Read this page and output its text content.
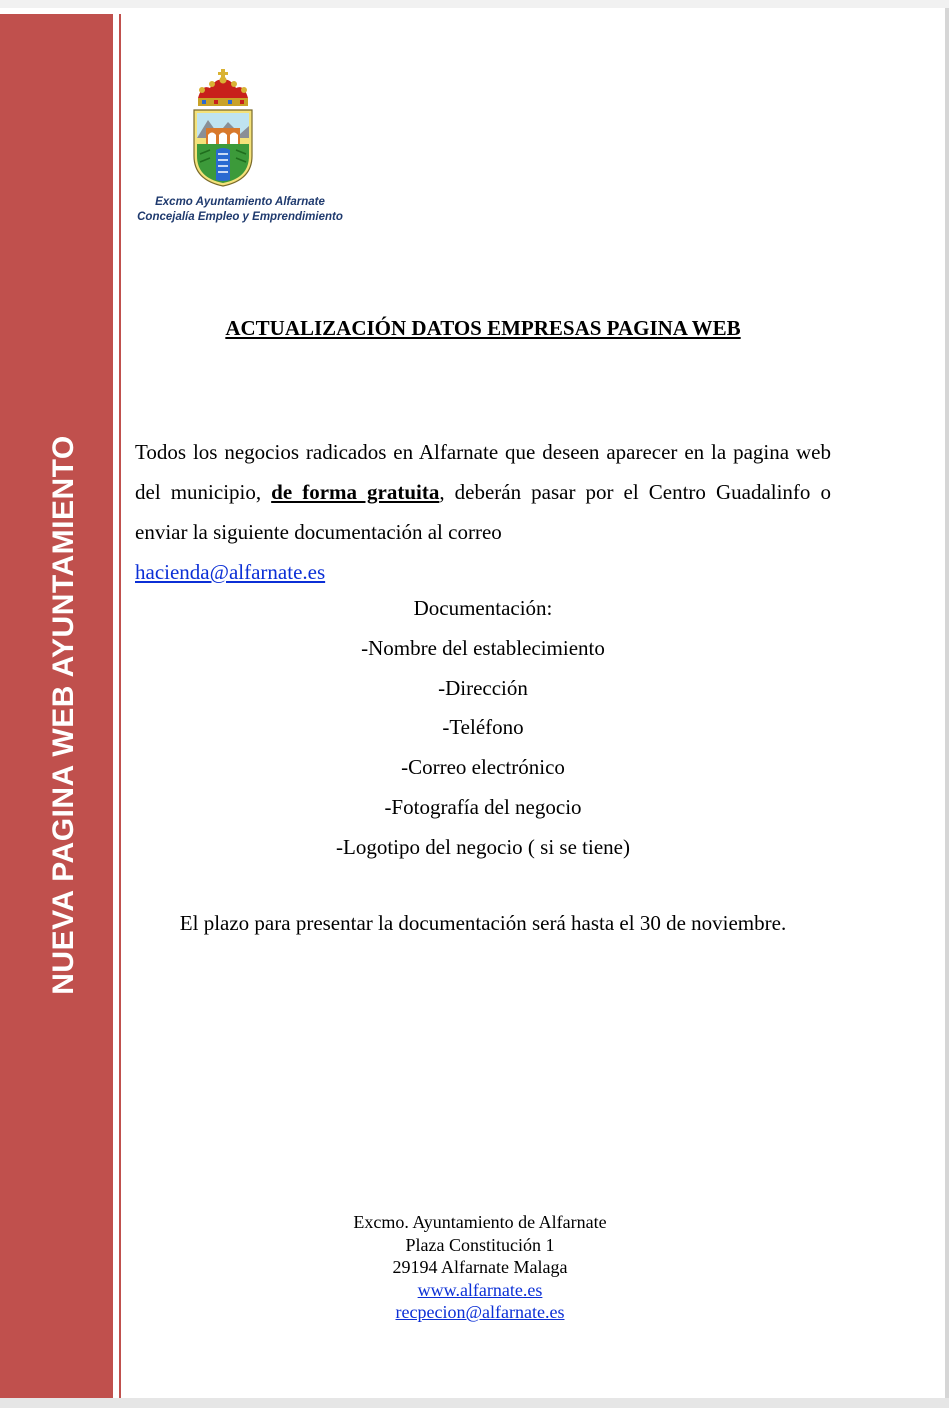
NUEVA PAGINA WEB AYUNTAMIENTO
Excmo Ayuntamiento Alfarnate
Concejalía Empleo y Emprendimiento
ACTUALIZACIÓN DATOS EMPRESAS PAGINA WEB
Todos los negocios radicados en Alfarnate que deseen aparecer en la pagina web del municipio, de forma gratuita, deberán pasar por el Centro Guadalinfo o enviar la siguiente documentación al correo
hacienda@alfarnate.es
Documentación:
-Nombre del establecimiento
-Dirección
-Teléfono
-Correo electrónico
-Fotografía del negocio
-Logotipo del negocio ( si se tiene)
El plazo para presentar la documentación será hasta el 30 de noviembre.
Excmo. Ayuntamiento de Alfarnate
Plaza Constitución 1
29194 Alfarnate Malaga
www.alfarnate.es
recpecion@alfarnate.es
